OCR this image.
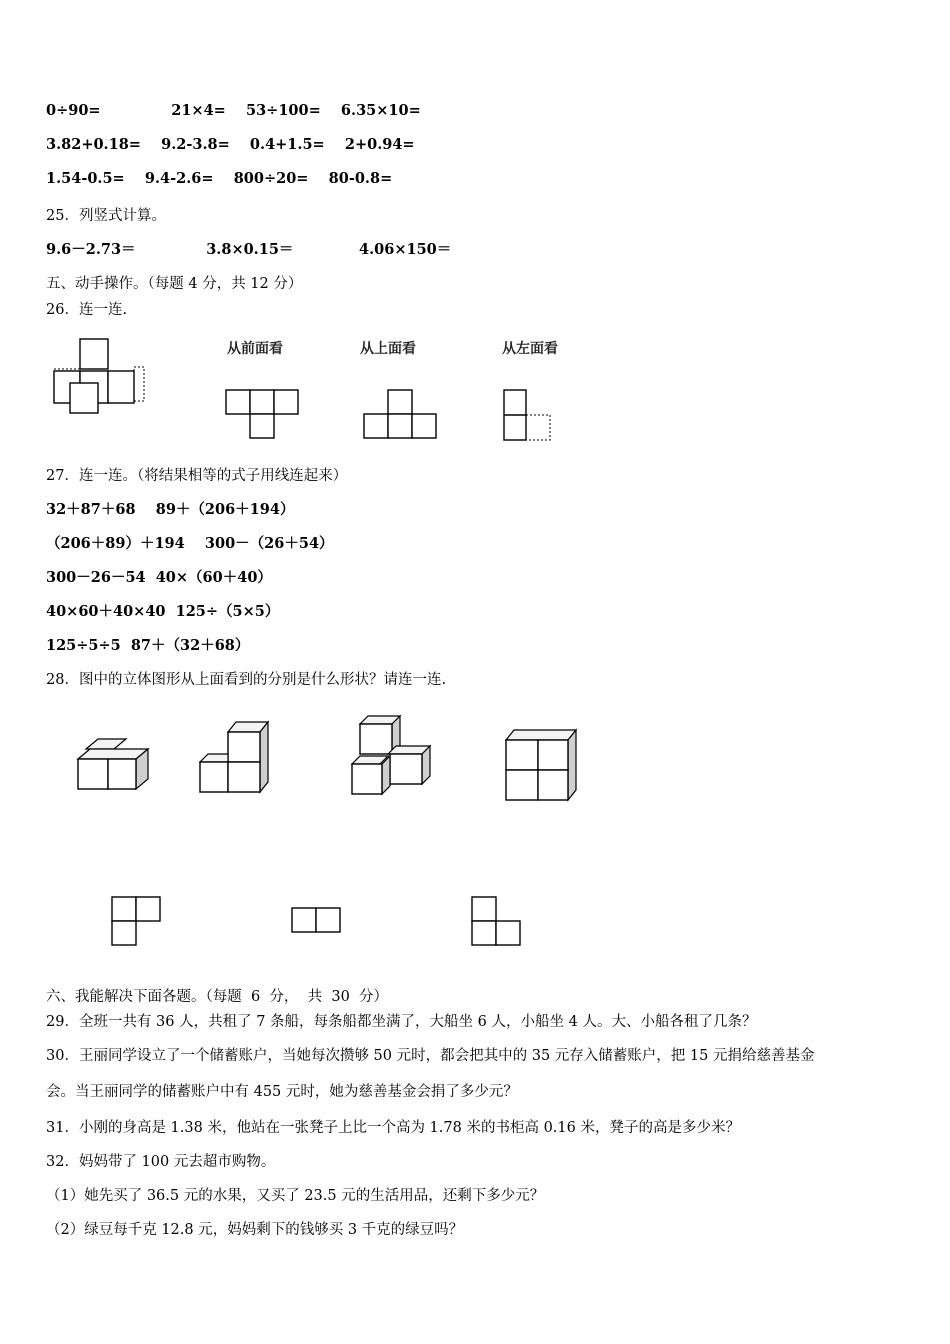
0÷90=              21×4=    53÷100=    6.35×10=
3.82+0.18=    9.2-3.8=    0.4+1.5=    2+0.94=
1.54-0.5=    9.4-2.6=    800÷20=    80-0.8=
25．列竖式计算。
9.6－2.73＝              3.8×0.15＝             4.06×150＝
五、动手操作。（每题 4 分，共 12 分）
26．连一连.
从前面看	从上面看	从左面看
27．连一连。（将结果相等的式子用线连起来）
32＋87＋68    89＋（206＋194）
（206＋89）＋194    300－（26＋54）
300－26－54  40×（60＋40）
40×60＋40×40  125÷（5×5）
125÷5÷5  87＋（32＋68）
28．图中的立体图形从上面看到的分别是什么形状？请连一连.
六、我能解决下面各题。（每题  6  分，  共  30  分）
29．全班一共有 36 人，共租了 7 条船，每条船都坐满了，大船坐 6 人，小船坐 4 人。大、小船各租了几条？
30．王丽同学设立了一个储蓄账户，当她每次攒够 50 元时，都会把其中的 35 元存入储蓄账户，把 15 元捐给慈善基金
会。当王丽同学的储蓄账户中有 455 元时，她为慈善基金会捐了多少元？
31．小刚的身高是 1.38 米，他站在一张凳子上比一个高为 1.78 米的书柜高 0.16 米，凳子的高是多少米？
32．妈妈带了 100 元去超市购物。
（1）她先买了 36.5 元的水果，又买了 23.5 元的生活用品，还剩下多少元？
（2）绿豆每千克 12.8 元，妈妈剩下的钱够买 3 千克的绿豆吗？
